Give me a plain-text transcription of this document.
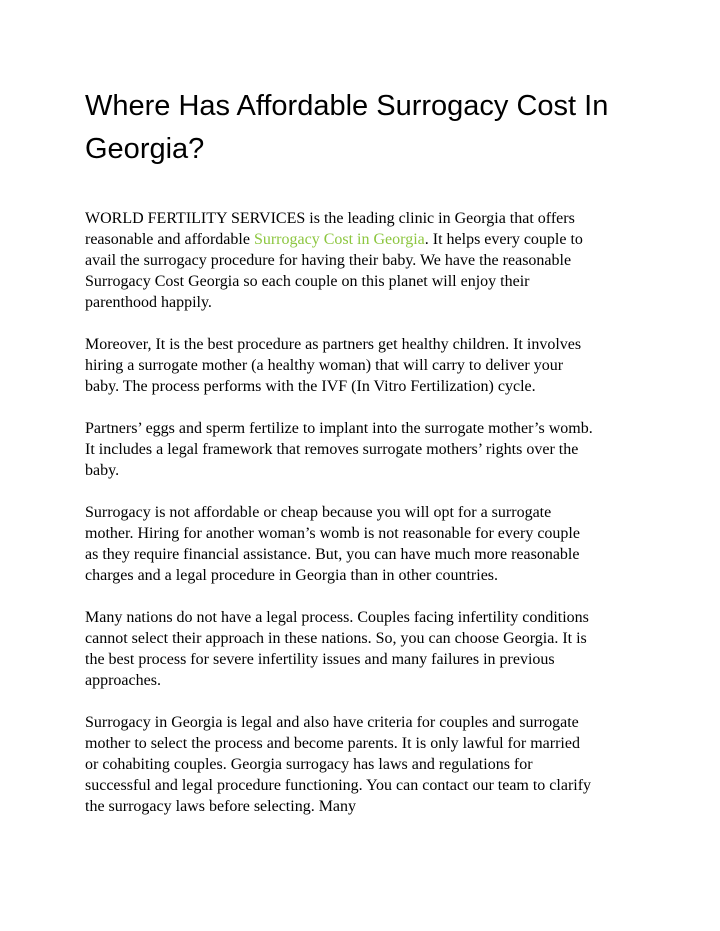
Where Has Affordable Surrogacy Cost In Georgia?

WORLD FERTILITY SERVICES is the leading clinic in Georgia that offers reasonable and affordable Surrogacy Cost in Georgia. It helps every couple to avail the surrogacy procedure for having their baby. We have the reasonable Surrogacy Cost Georgia so each couple on this planet will enjoy their parenthood happily.

Moreover, It is the best procedure as partners get healthy children. It involves hiring a surrogate mother (a healthy woman) that will carry to deliver your baby. The process performs with the IVF (In Vitro Fertilization) cycle.

Partners’ eggs and sperm fertilize to implant into the surrogate mother’s womb. It includes a legal framework that removes surrogate mothers’ rights over the baby.

Surrogacy is not affordable or cheap because you will opt for a surrogate mother. Hiring for another woman’s womb is not reasonable for every couple as they require financial assistance. But, you can have much more reasonable charges and a legal procedure in Georgia than in other countries.

Many nations do not have a legal process. Couples facing infertility conditions cannot select their approach in these nations. So, you can choose Georgia. It is the best process for severe infertility issues and many failures in previous approaches.

Surrogacy in Georgia is legal and also have criteria for couples and surrogate mother to select the process and become parents. It is only lawful for married or cohabiting couples. Georgia surrogacy has laws and regulations for successful and legal procedure functioning. You can contact our team to clarify the surrogacy laws before selecting. Many
